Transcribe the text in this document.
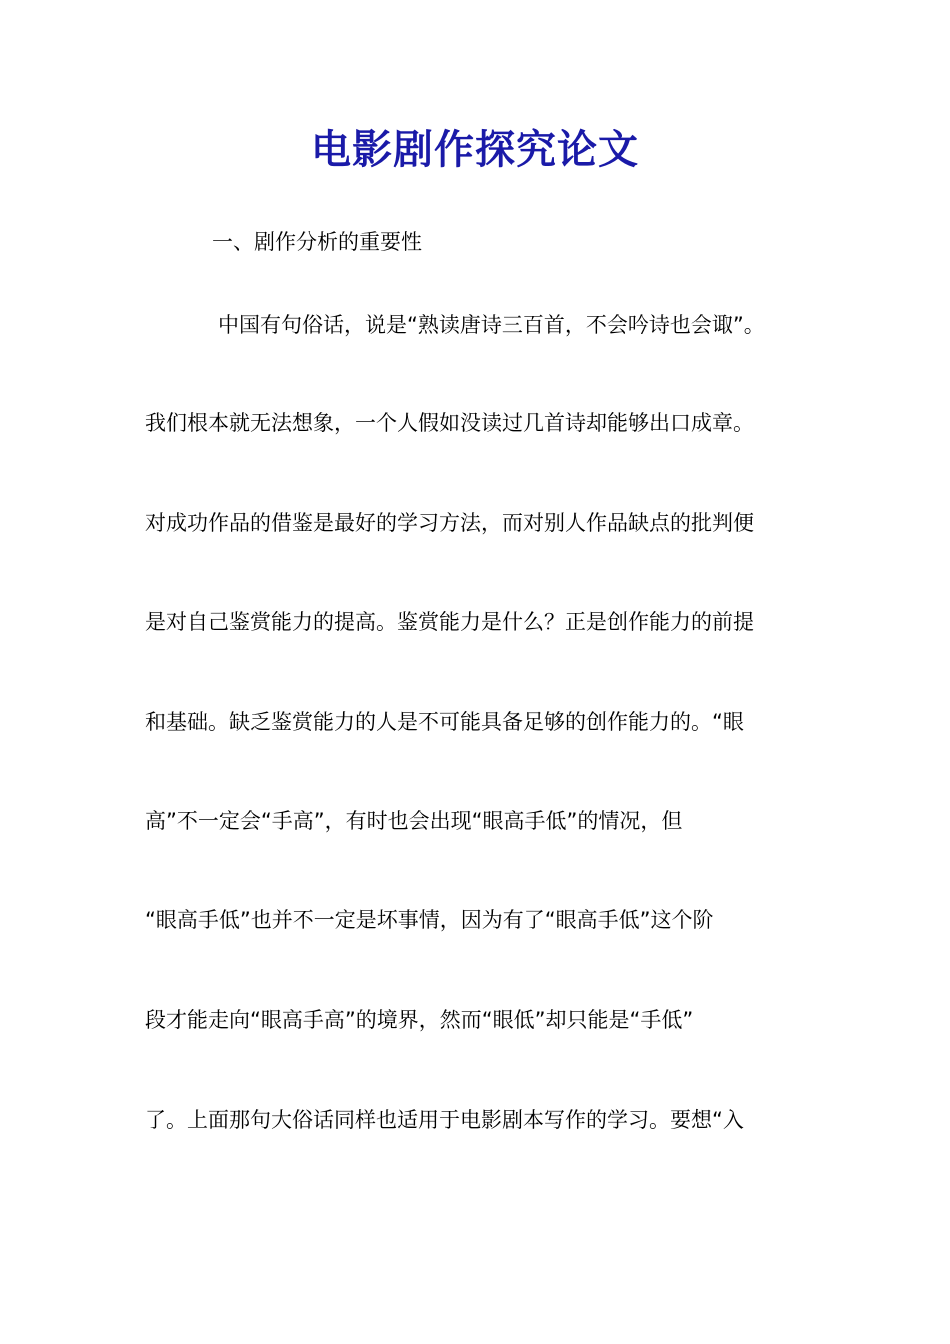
电影剧作探究论文
一、剧作分析的重要性
中国有句俗话，说是“熟读唐诗三百首，不会吟诗也会诹”。
我们根本就无法想象，一个人假如没读过几首诗却能够出口成章。
对成功作品的借鉴是最好的学习方法，而对别人作品缺点的批判便
是对自己鉴赏能力的提高。鉴赏能力是什么？正是创作能力的前提
和基础。缺乏鉴赏能力的人是不可能具备足够的创作能力的。“眼
高”不一定会“手高”，有时也会出现“眼高手低”的情况，但
“眼高手低”也并不一定是坏事情，因为有了“眼高手低”这个阶
段才能走向“眼高手高”的境界，然而“眼低”却只能是“手低”
了。上面那句大俗话同样也适用于电影剧本写作的学习。要想“入
